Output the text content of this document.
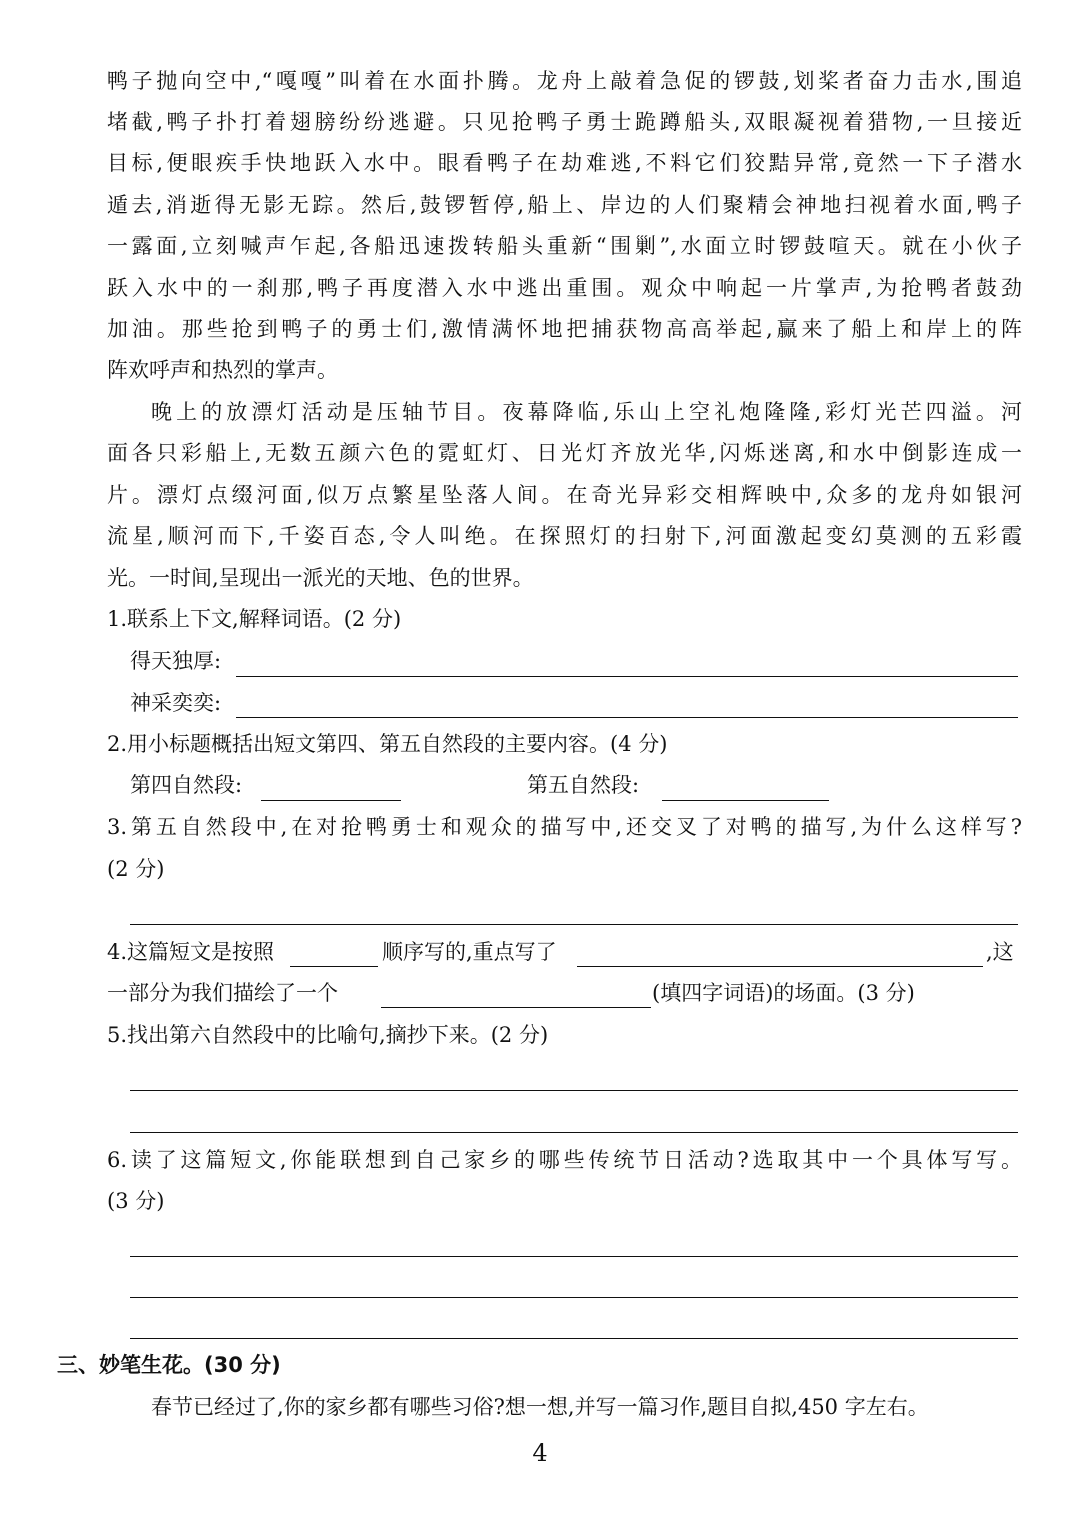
鸭子抛向空中,“嘎嘎”叫着在水面扑腾。龙舟上敲着急促的锣鼓,划桨者奋力击水,围追
堵截,鸭子扑打着翅膀纷纷逃避。只见抢鸭子勇士跪蹲船头,双眼凝视着猎物,一旦接近
目标,便眼疾手快地跃入水中。眼看鸭子在劫难逃,不料它们狡黠异常,竟然一下子潜水
遁去,消逝得无影无踪。然后,鼓锣暂停,船上、岸边的人们聚精会神地扫视着水面,鸭子
一露面,立刻喊声乍起,各船迅速拨转船头重新“围剿”,水面立时锣鼓喧天。就在小伙子
跃入水中的一刹那,鸭子再度潜入水中逃出重围。观众中响起一片掌声,为抢鸭者鼓劲
加油。那些抢到鸭子的勇士们,激情满怀地把捕获物高高举起,赢来了船上和岸上的阵
阵欢呼声和热烈的掌声。
晚上的放漂灯活动是压轴节目。夜幕降临,乐山上空礼炮隆隆,彩灯光芒四溢。河
面各只彩船上,无数五颜六色的霓虹灯、日光灯齐放光华,闪烁迷离,和水中倒影连成一
片。漂灯点缀河面,似万点繁星坠落人间。在奇光异彩交相辉映中,众多的龙舟如银河
流星,顺河而下,千姿百态,令人叫绝。在探照灯的扫射下,河面激起变幻莫测的五彩霞
光。一时间,呈现出一派光的天地、色的世界。
1.联系上下文,解释词语。(2 分)
得天独厚:
神采奕奕:
2.用小标题概括出短文第四、第五自然段的主要内容。(4 分)
第四自然段:	第五自然段:
3.第五自然段中,在对抢鸭勇士和观众的描写中,还交叉了对鸭的描写,为什么这样写?
(2 分)
4.这篇短文是按照	顺序写的,重点写了	,这
一部分为我们描绘了一个	(填四字词语)的场面。(3 分)
5.找出第六自然段中的比喻句,摘抄下来。(2 分)
6.读了这篇短文,你能联想到自己家乡的哪些传统节日活动?选取其中一个具体写写。
(3 分)
三、妙笔生花。(30 分)
春节已经过了,你的家乡都有哪些习俗?想一想,并写一篇习作,题目自拟,450 字左右。
4
